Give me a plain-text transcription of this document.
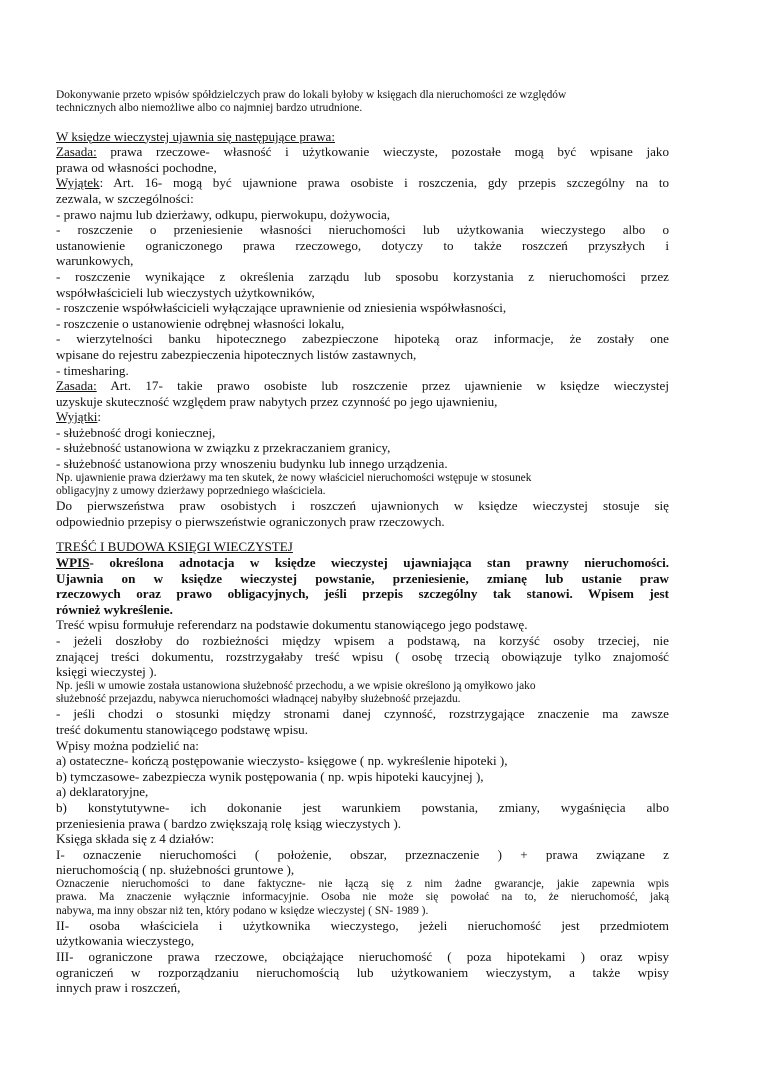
Dokonywanie przeto wpisów spółdzielczych praw do lokali byłoby w księgach dla nieruchomości ze względów
technicznych albo niemożliwe albo co najmniej bardzo utrudnione.
W księdze wieczystej ujawnia się następujące prawa:
Zasada: prawa rzeczowe- własność i użytkowanie wieczyste, pozostałe mogą być wpisane jako
prawa od własności pochodne,
Wyjątek: Art. 16- mogą być ujawnione prawa osobiste i roszczenia, gdy przepis szczególny na to
zezwala, w szczególności:
- prawo najmu lub dzierżawy, odkupu, pierwokupu, dożywocia,
- roszczenie o przeniesienie własności nieruchomości lub użytkowania wieczystego albo o
ustanowienie ograniczonego prawa rzeczowego, dotyczy to także roszczeń przyszłych i
warunkowych,
- roszczenie wynikające z określenia zarządu lub sposobu korzystania z nieruchomości przez
współwłaścicieli lub wieczystych użytkowników,
- roszczenie współwłaścicieli wyłączające uprawnienie od zniesienia współwłasności,
- roszczenie o ustanowienie odrębnej własności lokalu,
- wierzytelności banku hipotecznego zabezpieczone hipoteką oraz informacje, że zostały one
wpisane do rejestru zabezpieczenia hipotecznych listów zastawnych,
- timesharing.
Zasada: Art. 17- takie prawo osobiste lub roszczenie przez ujawnienie w księdze wieczystej
uzyskuje skuteczność względem praw nabytych przez czynność po jego ujawnieniu,
Wyjątki:
- służebność drogi koniecznej,
- służebność ustanowiona w związku z przekraczaniem granicy,
- służebność ustanowiona przy wnoszeniu budynku lub innego urządzenia.
Np. ujawnienie prawa dzierżawy ma ten skutek, że nowy właściciel nieruchomości wstępuje w stosunek
obligacyjny z umowy dzierżawy poprzedniego właściciela.
Do pierwszeństwa praw osobistych i roszczeń ujawnionych w księdze wieczystej stosuje się
odpowiednio przepisy o pierwszeństwie ograniczonych praw rzeczowych.
TREŚĆ I BUDOWA KSIĘGI WIECZYSTEJ
WPIS- określona adnotacja w księdze wieczystej ujawniająca stan prawny nieruchomości.
Ujawnia on w księdze wieczystej powstanie, przeniesienie, zmianę lub ustanie praw
rzeczowych oraz prawo obligacyjnych, jeśli przepis szczególny tak stanowi. Wpisem jest
również wykreślenie.
Treść wpisu formułuje referendarz na podstawie dokumentu stanowiącego jego podstawę.
- jeżeli doszłoby do rozbieżności między wpisem a podstawą, na korzyść osoby trzeciej, nie
znającej treści dokumentu, rozstrzygałaby treść wpisu ( osobę trzecią obowiązuje tylko znajomość
księgi wieczystej ).
Np. jeśli w umowie została ustanowiona służebność przechodu, a we wpisie określono ją omyłkowo jako
służebność przejazdu, nabywca nieruchomości władnącej nabyłby służebność przejazdu.
- jeśli chodzi o stosunki między stronami danej czynność, rozstrzygające znaczenie ma zawsze
treść dokumentu stanowiącego podstawę wpisu.
Wpisy można podzielić na:
a) ostateczne- kończą postępowanie wieczysto- księgowe ( np. wykreślenie hipoteki ),
b) tymczasowe- zabezpiecza wynik postępowania ( np. wpis hipoteki kaucyjnej ),
a) deklaratoryjne,
b) konstytutywne- ich dokonanie jest warunkiem powstania, zmiany, wygaśnięcia albo
przeniesienia prawa ( bardzo zwiększają rolę ksiąg wieczystych ).
Księga składa się z 4 działów:
I- oznaczenie nieruchomości ( położenie, obszar, przeznaczenie ) + prawa związane z
nieruchomością ( np. służebności gruntowe ),
Oznaczenie nieruchomości to dane faktyczne- nie łączą się z nim żadne gwarancje, jakie zapewnia wpis
prawa. Ma znaczenie wyłącznie informacyjnie. Osoba nie może się powołać na to, że nieruchomość, jaką
nabywa, ma inny obszar niż ten, który podano w księdze wieczystej ( SN- 1989 ).
II- osoba właściciela i użytkownika wieczystego, jeżeli nieruchomość jest przedmiotem
użytkowania wieczystego,
III- ograniczone prawa rzeczowe, obciążające nieruchomość ( poza hipotekami ) oraz wpisy
ograniczeń w rozporządzaniu nieruchomością lub użytkowaniem wieczystym, a także wpisy
innych praw i roszczeń,
